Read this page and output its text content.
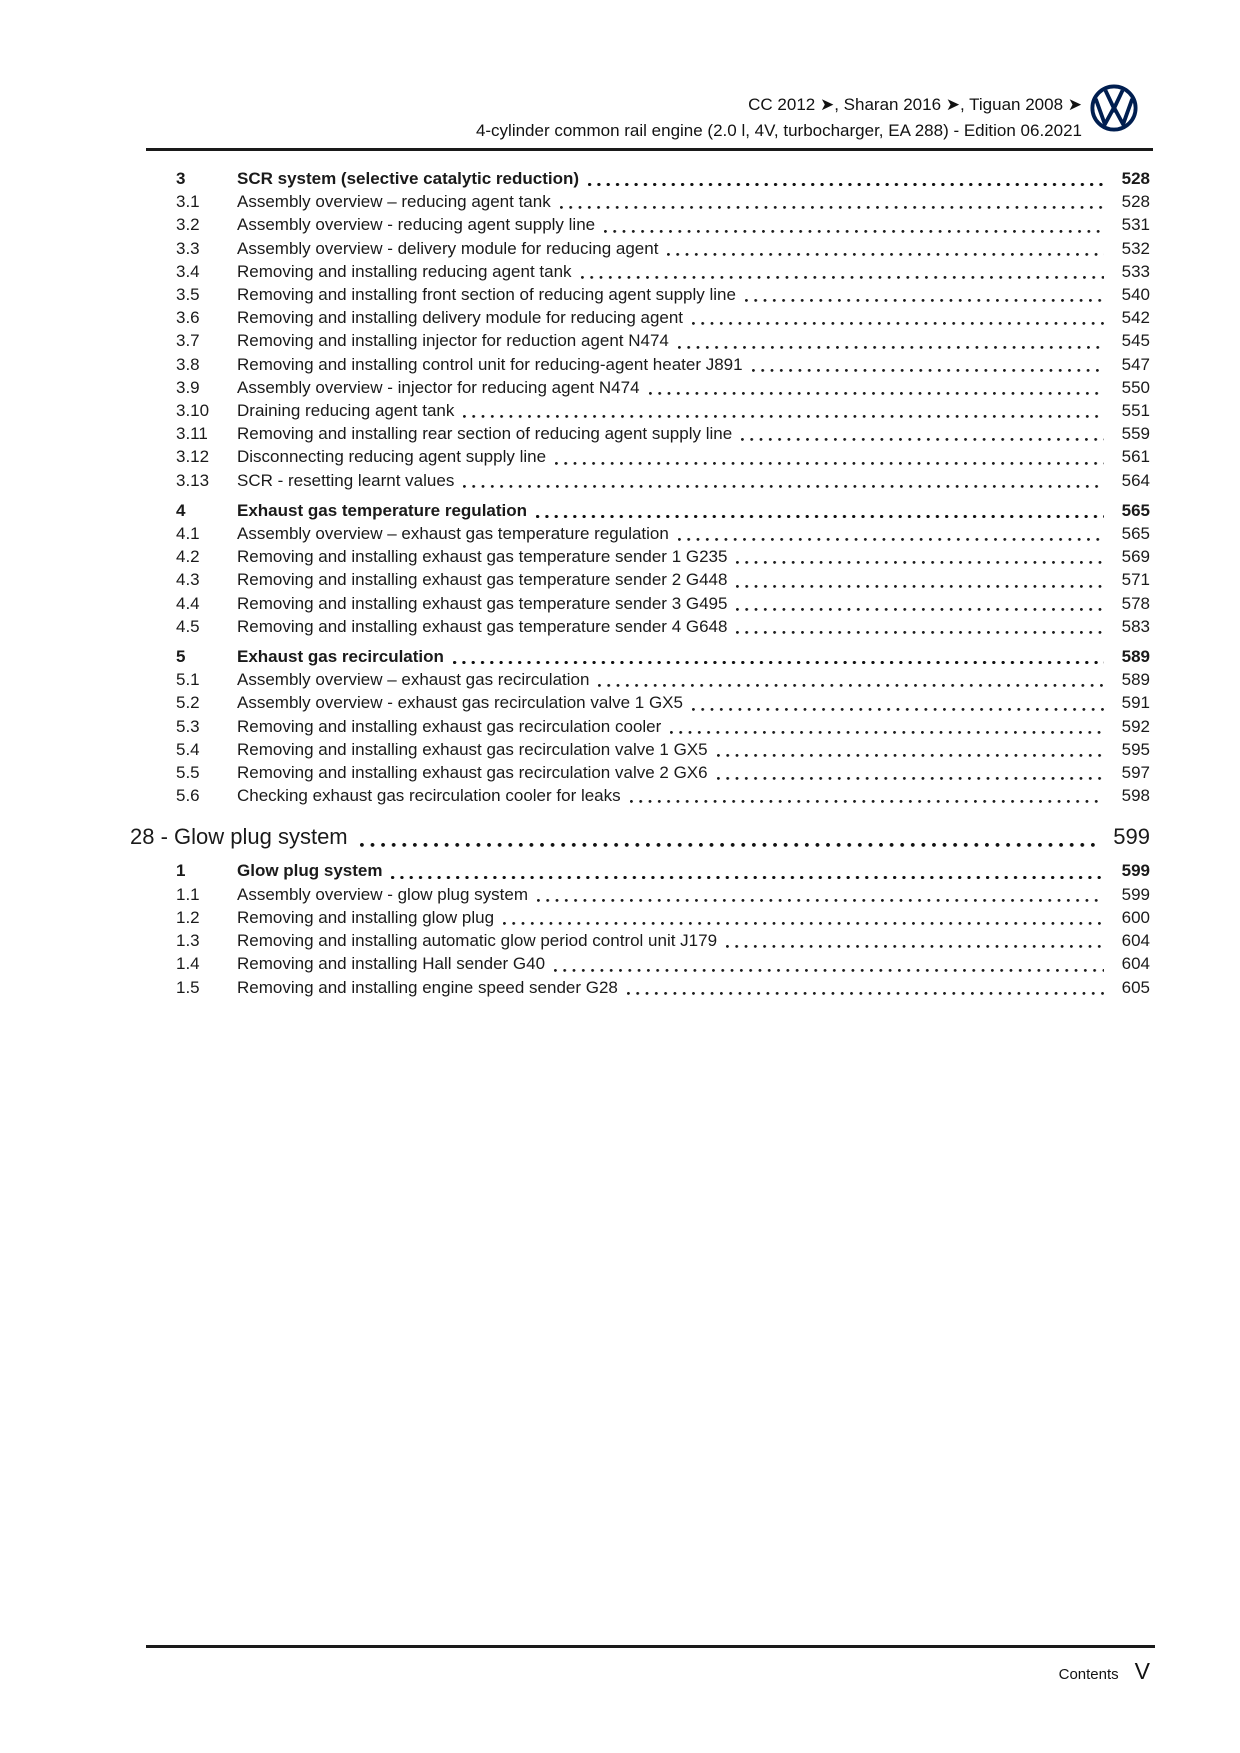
CC 2012 ➤, Sharan 2016 ➤, Tiguan 2008 ➤
4-cylinder common rail engine (2.0 l, 4V, turbocharger, EA 288) - Edition 06.2021
3	SCR system (selective catalytic reduction)	528
3.1	Assembly overview – reducing agent tank	528
3.2	Assembly overview - reducing agent supply line	531
3.3	Assembly overview - delivery module for reducing agent	532
3.4	Removing and installing reducing agent tank	533
3.5	Removing and installing front section of reducing agent supply line	540
3.6	Removing and installing delivery module for reducing agent	542
3.7	Removing and installing injector for reduction agent N474	545
3.8	Removing and installing control unit for reducing-agent heater J891	547
3.9	Assembly overview - injector for reducing agent N474	550
3.10	Draining reducing agent tank	551
3.11	Removing and installing rear section of reducing agent supply line	559
3.12	Disconnecting reducing agent supply line	561
3.13	SCR - resetting learnt values	564
4	Exhaust gas temperature regulation	565
4.1	Assembly overview – exhaust gas temperature regulation	565
4.2	Removing and installing exhaust gas temperature sender 1 G235	569
4.3	Removing and installing exhaust gas temperature sender 2 G448	571
4.4	Removing and installing exhaust gas temperature sender 3 G495	578
4.5	Removing and installing exhaust gas temperature sender 4 G648	583
5	Exhaust gas recirculation	589
5.1	Assembly overview – exhaust gas recirculation	589
5.2	Assembly overview - exhaust gas recirculation valve 1 GX5	591
5.3	Removing and installing exhaust gas recirculation cooler	592
5.4	Removing and installing exhaust gas recirculation valve 1 GX5	595
5.5	Removing and installing exhaust gas recirculation valve 2 GX6	597
5.6	Checking exhaust gas recirculation cooler for leaks	598
28 - Glow plug system	599
1	Glow plug system	599
1.1	Assembly overview - glow plug system	599
1.2	Removing and installing glow plug	600
1.3	Removing and installing automatic glow period control unit J179	604
1.4	Removing and installing Hall sender G40	604
1.5	Removing and installing engine speed sender G28	605
Contents V
